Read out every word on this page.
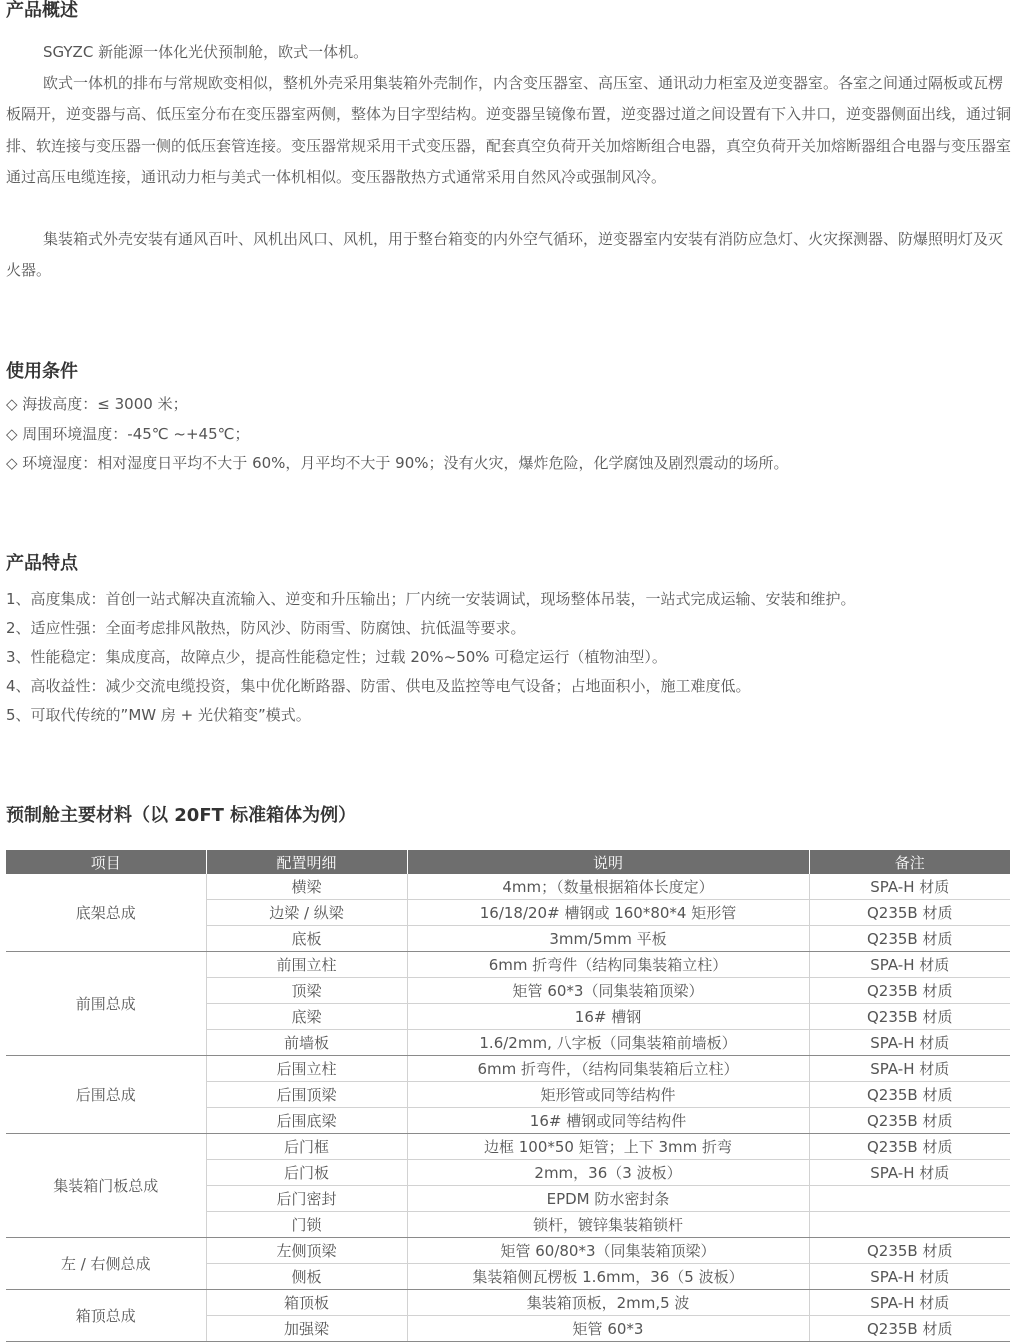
产品概述

SGYZC 新能源一体化光伏预制舱，欧式一体机。

欧式一体机的排布与常规欧变相似，整机外壳采用集装箱外壳制作，内含变压器室、高压室、通讯动力柜室及逆变器室。各室之间通过隔板或瓦楞板隔开，逆变器与高、低压室分布在变压器室两侧，整体为目字型结构。逆变器呈镜像布置，逆变器过道之间设置有下入井口，逆变器侧面出线，通过铜排、软连接与变压器一侧的低压套管连接。变压器常规采用干式变压器，配套真空负荷开关加熔断组合电器，真空负荷开关加熔断器组合电器与变压器室通过高压电缆连接，通讯动力柜与美式一体机相似。变压器散热方式通常采用自然风冷或强制风冷。

集装箱式外壳安装有通风百叶、风机出风口、风机，用于整台箱变的内外空气循环，逆变器室内安装有消防应急灯、火灾探测器、防爆照明灯及灭火器。

使用条件

◇ 海拔高度：≤ 3000 米；

◇ 周围环境温度：-45℃ ~+45℃；

◇ 环境湿度：相对湿度日平均不大于 60%，月平均不大于 90%；没有火灾，爆炸危险，化学腐蚀及剧烈震动的场所。

产品特点

1、高度集成：首创一站式解决直流输入、逆变和升压输出；厂内统一安装调试，现场整体吊装，一站式完成运输、安装和维护。

2、适应性强：全面考虑排风散热，防风沙、防雨雪、防腐蚀、抗低温等要求。

3、性能稳定：集成度高，故障点少，提高性能稳定性；过载 20%~50% 可稳定运行（植物油型）。

4、高收益性：减少交流电缆投资，集中优化断路器、防雷、供电及监控等电气设备；占地面积小，施工难度低。

5、可取代传统的”MW 房 + 光伏箱变”模式。

预制舱主要材料（以 20FT 标准箱体为例）
项目	配置明细	说明	备注
底架总成	横梁	4mm；（数量根据箱体长度定）	SPA-H 材质
	边梁 / 纵梁	16/18/20# 槽钢或 160*80*4 矩形管	Q235B 材质
	底板	3mm/5mm 平板	Q235B 材质
前围总成	前围立柱	6mm 折弯件（结构同集装箱立柱）	SPA-H 材质
	顶梁	矩管 60*3（同集装箱顶梁）	Q235B 材质
	底梁	16# 槽钢	Q235B 材质
	前墙板	1.6/2mm, 八字板（同集装箱前墙板）	SPA-H 材质
后围总成	后围立柱	6mm 折弯件，（结构同集装箱后立柱）	SPA-H 材质
	后围顶梁	矩形管或同等结构件	Q235B 材质
	后围底梁	16# 槽钢或同等结构件	Q235B 材质
集装箱门板总成	后门框	边框 100*50 矩管；上下 3mm 折弯	Q235B 材质
	后门板	2mm，36（3 波板）	SPA-H 材质
	后门密封	EPDM 防水密封条	
	门锁	锁杆，镀锌集装箱锁杆	
左 / 右侧总成	左侧顶梁	矩管 60/80*3（同集装箱顶梁）	Q235B 材质
	侧板	集装箱侧瓦楞板 1.6mm，36（5 波板）	SPA-H 材质
箱顶总成	箱顶板	集装箱顶板，2mm,5 波	SPA-H 材质
	加强梁	矩管 60*3	Q235B 材质
